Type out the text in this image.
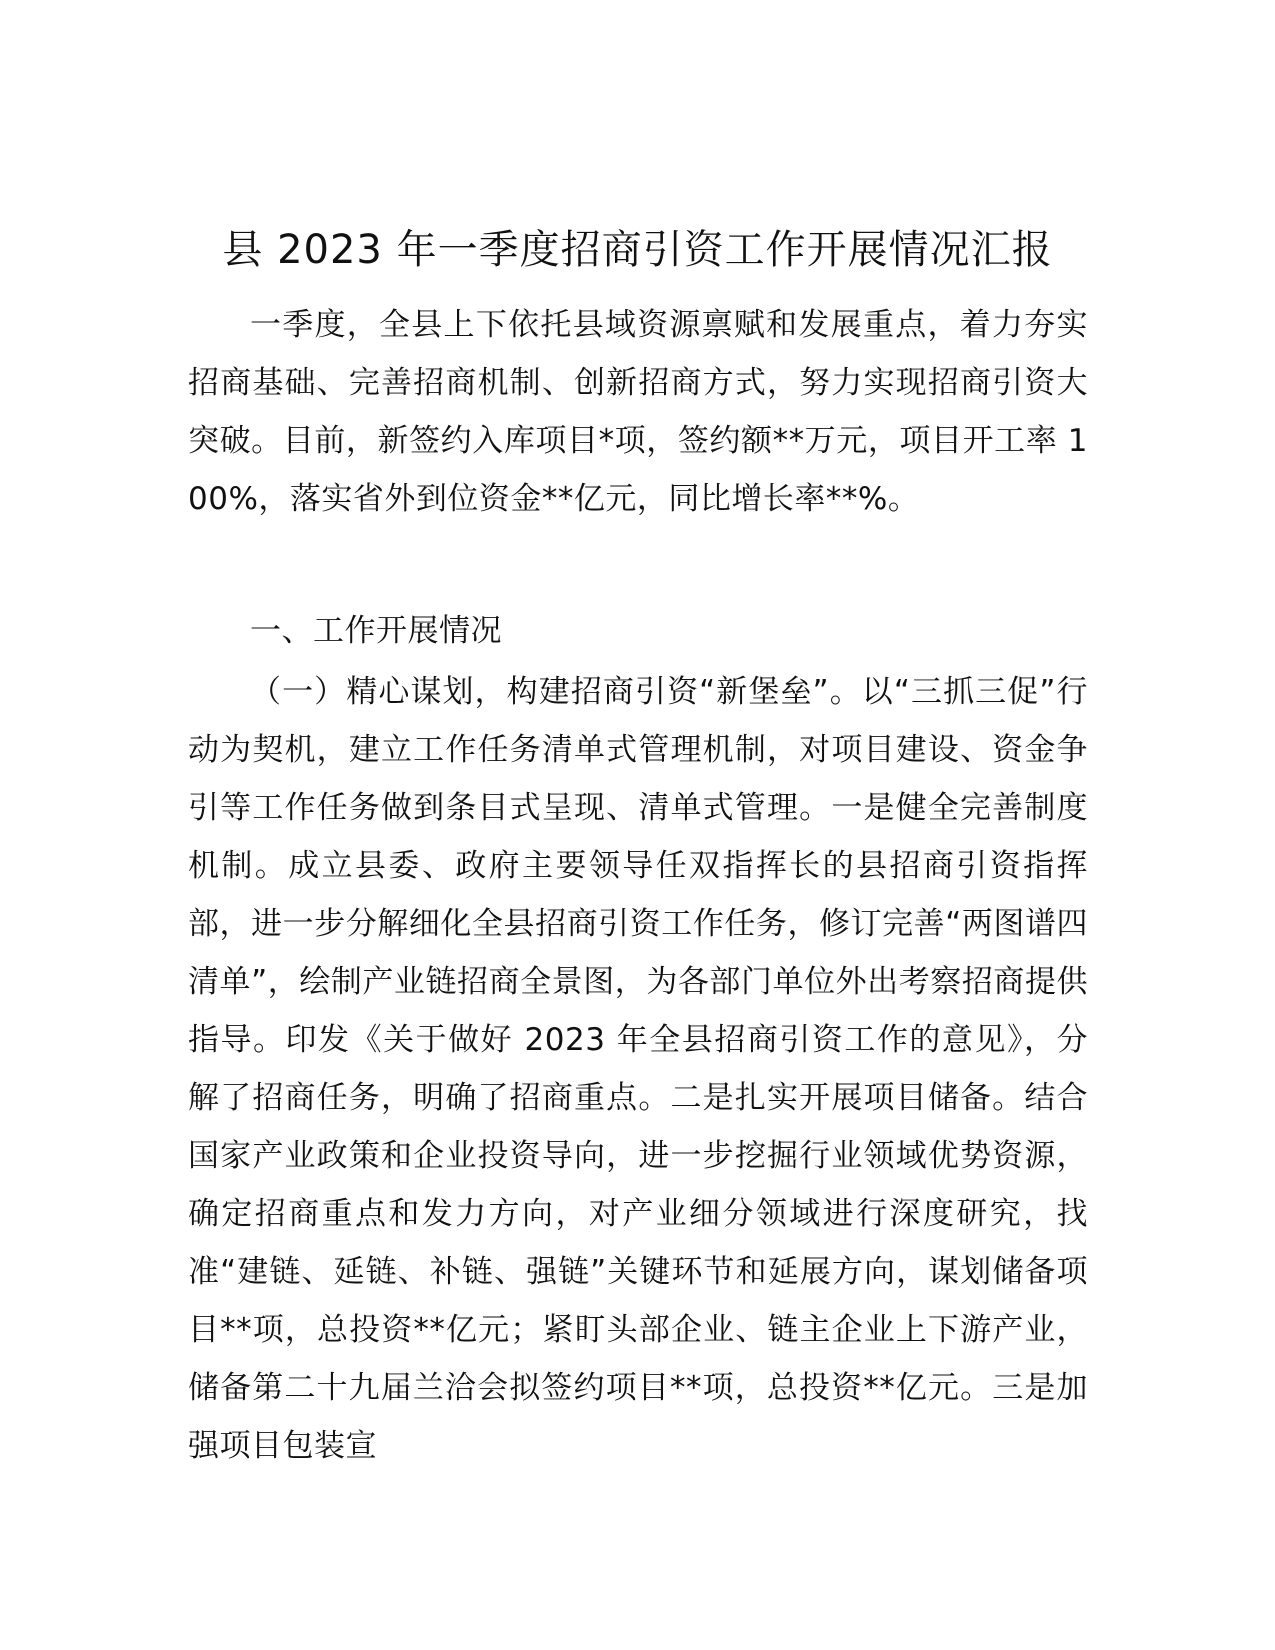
县 2023 年一季度招商引资工作开展情况汇报

一季度，全县上下依托县域资源禀赋和发展重点，着力夯实招商基础、完善招商机制、创新招商方式，努力实现招商引资大突破。目前，新签约入库项目*项，签约额**万元，项目开工率 100%，落实省外到位资金**亿元，同比增长率**%。

一、工作开展情况

（一）精心谋划，构建招商引资“新堡垒”。以“三抓三促”行动为契机，建立工作任务清单式管理机制，对项目建设、资金争引等工作任务做到条目式呈现、清单式管理。一是健全完善制度机制。成立县委、政府主要领导任双指挥长的县招商引资指挥部，进一步分解细化全县招商引资工作任务，修订完善“两图谱四清单”，绘制产业链招商全景图，为各部门单位外出考察招商提供指导。印发《关于做好 2023 年全县招商引资工作的意见》，分解了招商任务，明确了招商重点。二是扎实开展项目储备。结合国家产业政策和企业投资导向，进一步挖掘行业领域优势资源，确定招商重点和发力方向，对产业细分领域进行深度研究，找准“建链、延链、补链、强链”关键环节和延展方向，谋划储备项目**项，总投资**亿元；紧盯头部企业、链主企业上下游产业，储备第二十九届兰洽会拟签约项目**项，总投资**亿元。三是加强项目包装宣
